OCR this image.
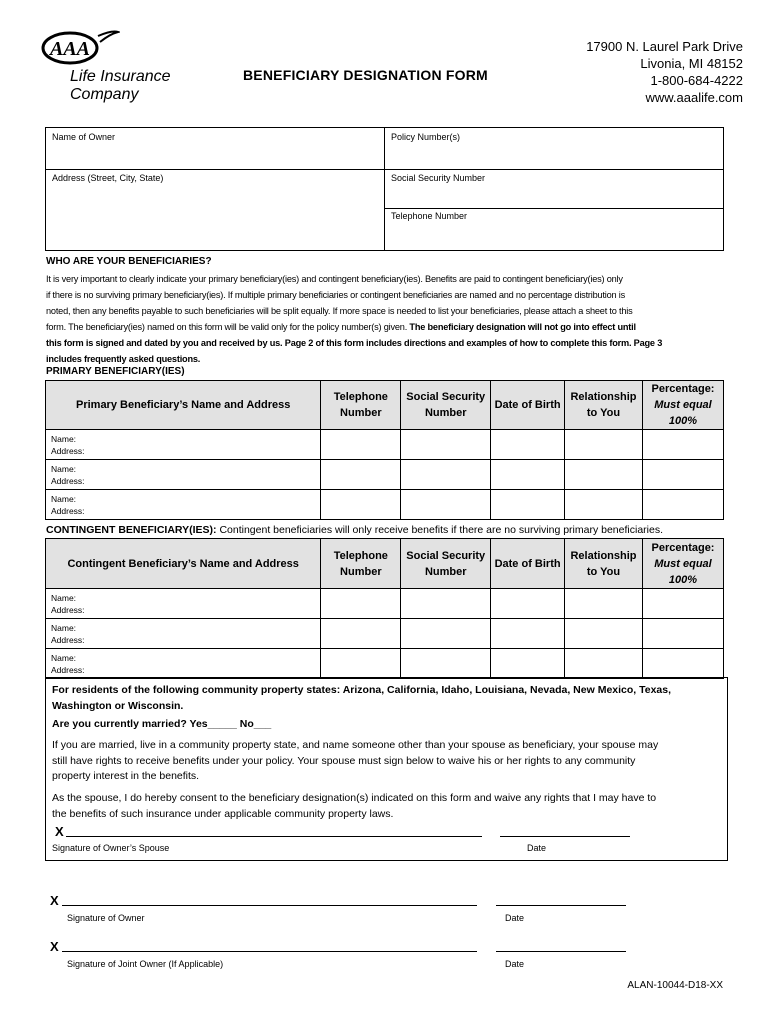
AAA
Life Insurance
Company
BENEFICIARY DESIGNATION FORM
17900 N. Laurel Park Drive
Livonia, MI 48152
1-800-684-4222
www.aaalife.com
Name of Owner	Policy Number(s)
Address (Street, City, State)	Social Security Number
Telephone Number
WHO ARE YOUR BENEFICIARIES?
It is very important to clearly indicate your primary beneficiary(ies) and contingent beneficiary(ies). Benefits are paid to contingent beneficiary(ies) only
if there is no surviving primary beneficiary(ies). If multiple primary beneficiaries or contingent beneficiaries are named and no percentage distribution is
noted, then any benefits payable to such beneficiaries will be split equally. If more space is needed to list your beneficiaries, please attach a sheet to this
form. The beneficiary(ies) named on this form will be valid only for the policy number(s) given. The beneficiary designation will not go into effect until
this form is signed and dated by you and received by us. Page 2 of this form includes directions and examples of how to complete this form. Page 3
includes frequently asked questions.
PRIMARY BENEFICIARY(IES)
Primary Beneficiary’s Name and Address	Telephone Number	Social Security Number	Date of Birth	Relationship to You	Percentage:
Must equal
100%

Name:
Address:					

Name:
Address:					

Name:
Address:					

CONTINGENT BENEFICIARY(IES): Contingent beneficiaries will only receive benefits if there are no surviving primary beneficiaries.
Contingent Beneficiary’s Name and Address	Telephone Number	Social Security Number	Date of Birth	Relationship to You	Percentage:
Must equal
100%

Name:
Address:					

Name:
Address:					

Name:
Address:					

For residents of the following community property states: Arizona, California, Idaho, Louisiana, Nevada, New Mexico, Texas,
Washington or Wisconsin.
Are you currently married? Yes_____ No___
If you are married, live in a community property state, and name someone other than your spouse as beneficiary, your spouse may
still have rights to receive benefits under your policy. Your spouse must sign below to waive his or her rights to any community
property interest in the benefits.
As the spouse, I do hereby consent to the beneficiary designation(s) indicated on this form and waive any rights that I may have to
the benefits of such insurance under applicable community property laws.
X
Signature of Owner’s Spouse	Date
X
Signature of Owner	Date
X
Signature of Joint Owner (If Applicable)	Date
ALAN-10044-D18-XX
